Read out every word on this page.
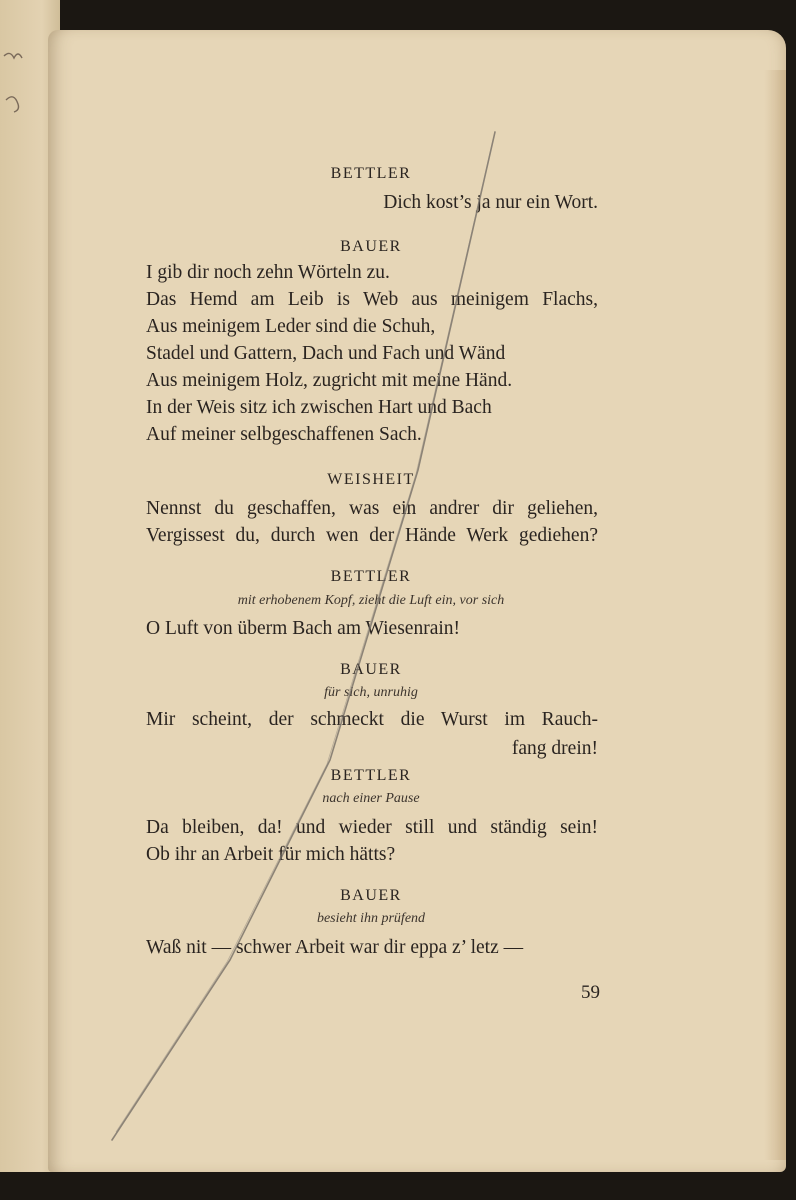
BETTLER
Dich kost’s ja nur ein Wort.
BAUER
I gib dir noch zehn Wörteln zu.
Das Hemd am Leib is Web aus meinigem Flachs,
Aus meinigem Leder sind die Schuh,
Stadel und Gattern, Dach und Fach und Wänd
Aus meinigem Holz, zugricht mit meine Händ.
In der Weis sitz ich zwischen Hart und Bach
Auf meiner selbgeschaffenen Sach.
WEISHEIT
Nennst du geschaffen, was ein andrer dir geliehen,
Vergissest du, durch wen der Hände Werk gediehen?
BETTLER
mit erhobenem Kopf, zieht die Luft ein, vor sich
O Luft von überm Bach am Wiesenrain!
BAUER
für sich, unruhig
Mir scheint, der schmeckt die Wurst im Rauch-
fang drein!
BETTLER
nach einer Pause
Da bleiben, da! und wieder still und ständig sein!
Ob ihr an Arbeit für mich hätts?
BAUER
besieht ihn prüfend
Waß nit — schwer Arbeit war dir eppa z’ letz —
59
